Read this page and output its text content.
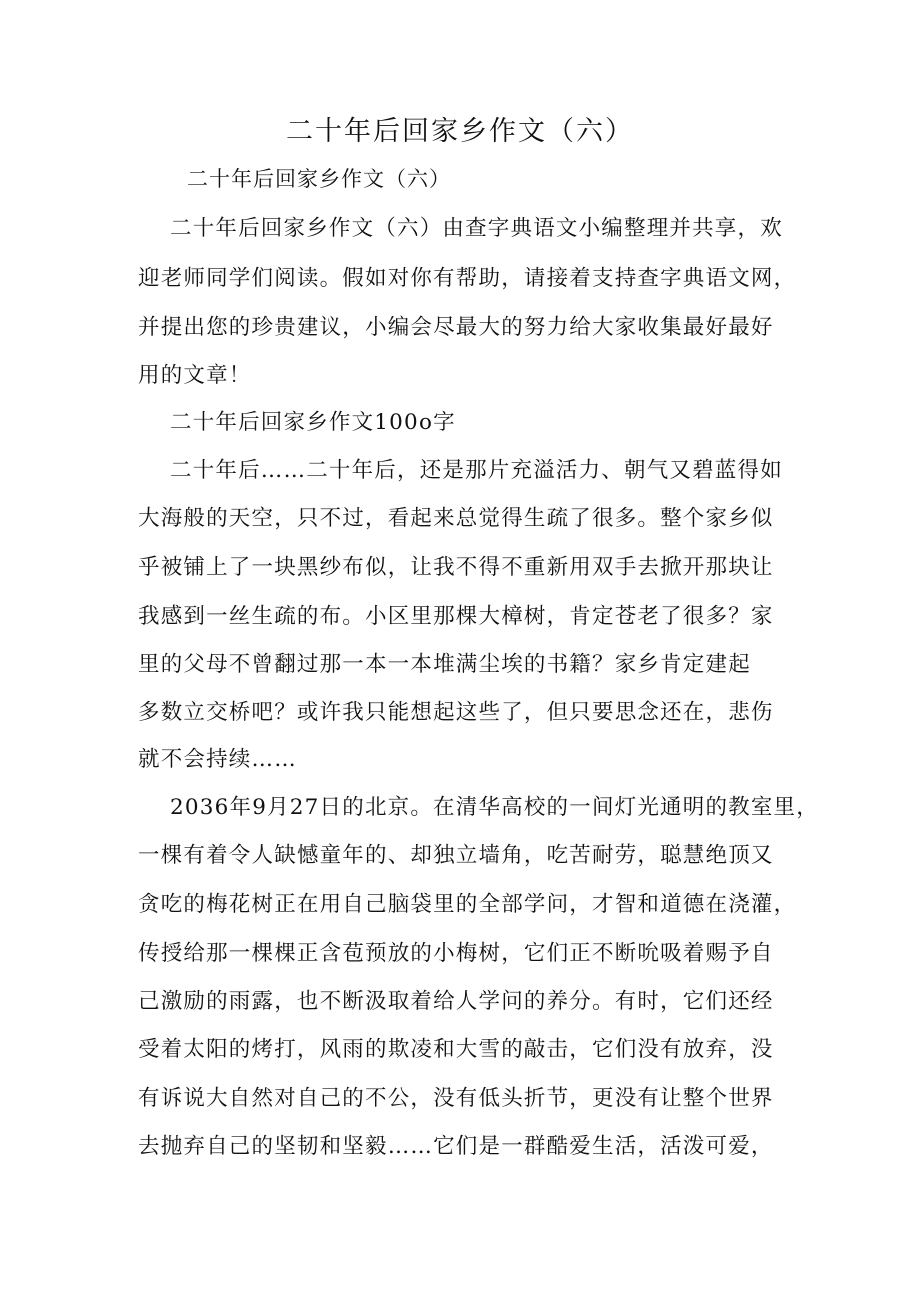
二十年后回家乡作文（六）
二十年后回家乡作文（六）
二十年后回家乡作文（六）由查字典语文小编整理并共享，欢
迎老师同学们阅读。假如对你有帮助，请接着支持查字典语文网，
并提出您的珍贵建议，小编会尽最大的努力给大家收集最好最好
用的文章！
二十年后回家乡作文100o字
二十年后……二十年后，还是那片充溢活力、朝气又碧蓝得如
大海般的天空，只不过，看起来总觉得生疏了很多。整个家乡似
乎被铺上了一块黑纱布似，让我不得不重新用双手去掀开那块让
我感到一丝生疏的布。小区里那棵大樟树，肯定苍老了很多？家
里的父母不曾翻过那一本一本堆满尘埃的书籍？家乡肯定建起
多数立交桥吧？或许我只能想起这些了，但只要思念还在，悲伤
就不会持续……
2036年9月27日的北京。在清华高校的一间灯光通明的教室里，
一棵有着令人缺憾童年的、却独立墙角，吃苦耐劳，聪慧绝顶又
贪吃的梅花树正在用自己脑袋里的全部学问，才智和道德在浇灌，
传授给那一棵棵正含苞预放的小梅树，它们正不断吮吸着赐予自
己激励的雨露，也不断汲取着给人学问的养分。有时，它们还经
受着太阳的烤打，风雨的欺凌和大雪的敲击，它们没有放弃，没
有诉说大自然对自己的不公，没有低头折节，更没有让整个世界
去抛弃自己的坚韧和坚毅……它们是一群酷爱生活，活泼可爱，
